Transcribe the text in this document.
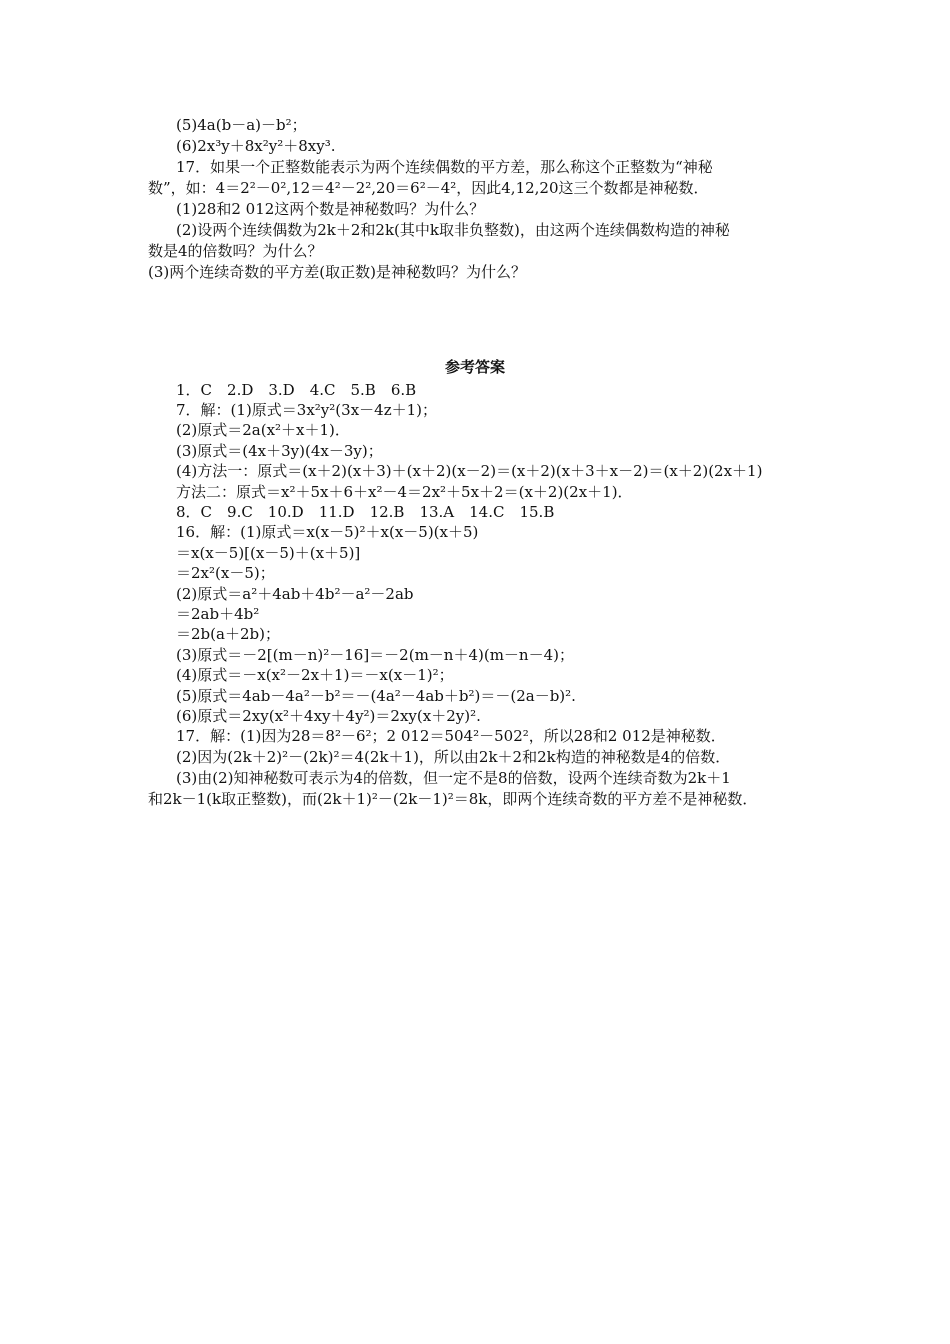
(5)4a(b－a)－b²；
(6)2x³y＋8x²y²＋8xy³.
17．如果一个正整数能表示为两个连续偶数的平方差，那么称这个正整数为“神秘
数”，如：4＝2²－0²,12＝4²－2²,20＝6²－4²，因此4,12,20这三个数都是神秘数．
(1)28和2 012这两个数是神秘数吗？为什么？
(2)设两个连续偶数为2k＋2和2k(其中k取非负整数)，由这两个连续偶数构造的神秘
数是4的倍数吗？为什么？
(3)两个连续奇数的平方差(取正数)是神秘数吗？为什么？
参考答案
1．C　2.D　3.D　4.C　5.B　6.B
7．解：(1)原式＝3x²y²(3x－4z＋1)；
(2)原式＝2a(x²＋x＋1)．
(3)原式＝(4x＋3y)(4x－3y)；
(4)方法一：原式＝(x＋2)(x＋3)＋(x＋2)(x－2)＝(x＋2)(x＋3＋x－2)＝(x＋2)(2x＋1)
方法二：原式＝x²＋5x＋6＋x²－4＝2x²＋5x＋2＝(x＋2)(2x＋1)．
8．C　9.C　10.D　11.D　12.B　13.A　14.C　15.B
16．解：(1)原式＝x(x－5)²＋x(x－5)(x＋5)
＝x(x－5)[(x－5)＋(x＋5)]
＝2x²(x－5)；
(2)原式＝a²＋4ab＋4b²－a²－2ab
＝2ab＋4b²
＝2b(a＋2b)；
(3)原式＝－2[(m－n)²－16]＝－2(m－n＋4)(m－n－4)；
(4)原式＝－x(x²－2x＋1)＝－x(x－1)²；
(5)原式＝4ab－4a²－b²＝－(4a²－4ab＋b²)＝－(2a－b)².
(6)原式＝2xy(x²＋4xy＋4y²)＝2xy(x＋2y)².
17．解：(1)因为28＝8²－6²；2 012＝504²－502²，所以28和2 012是神秘数．
(2)因为(2k＋2)²－(2k)²＝4(2k＋1)，所以由2k＋2和2k构造的神秘数是4的倍数．
(3)由(2)知神秘数可表示为4的倍数，但一定不是8的倍数，设两个连续奇数为2k＋1
和2k－1(k取正整数)，而(2k＋1)²－(2k－1)²＝8k，即两个连续奇数的平方差不是神秘数．
